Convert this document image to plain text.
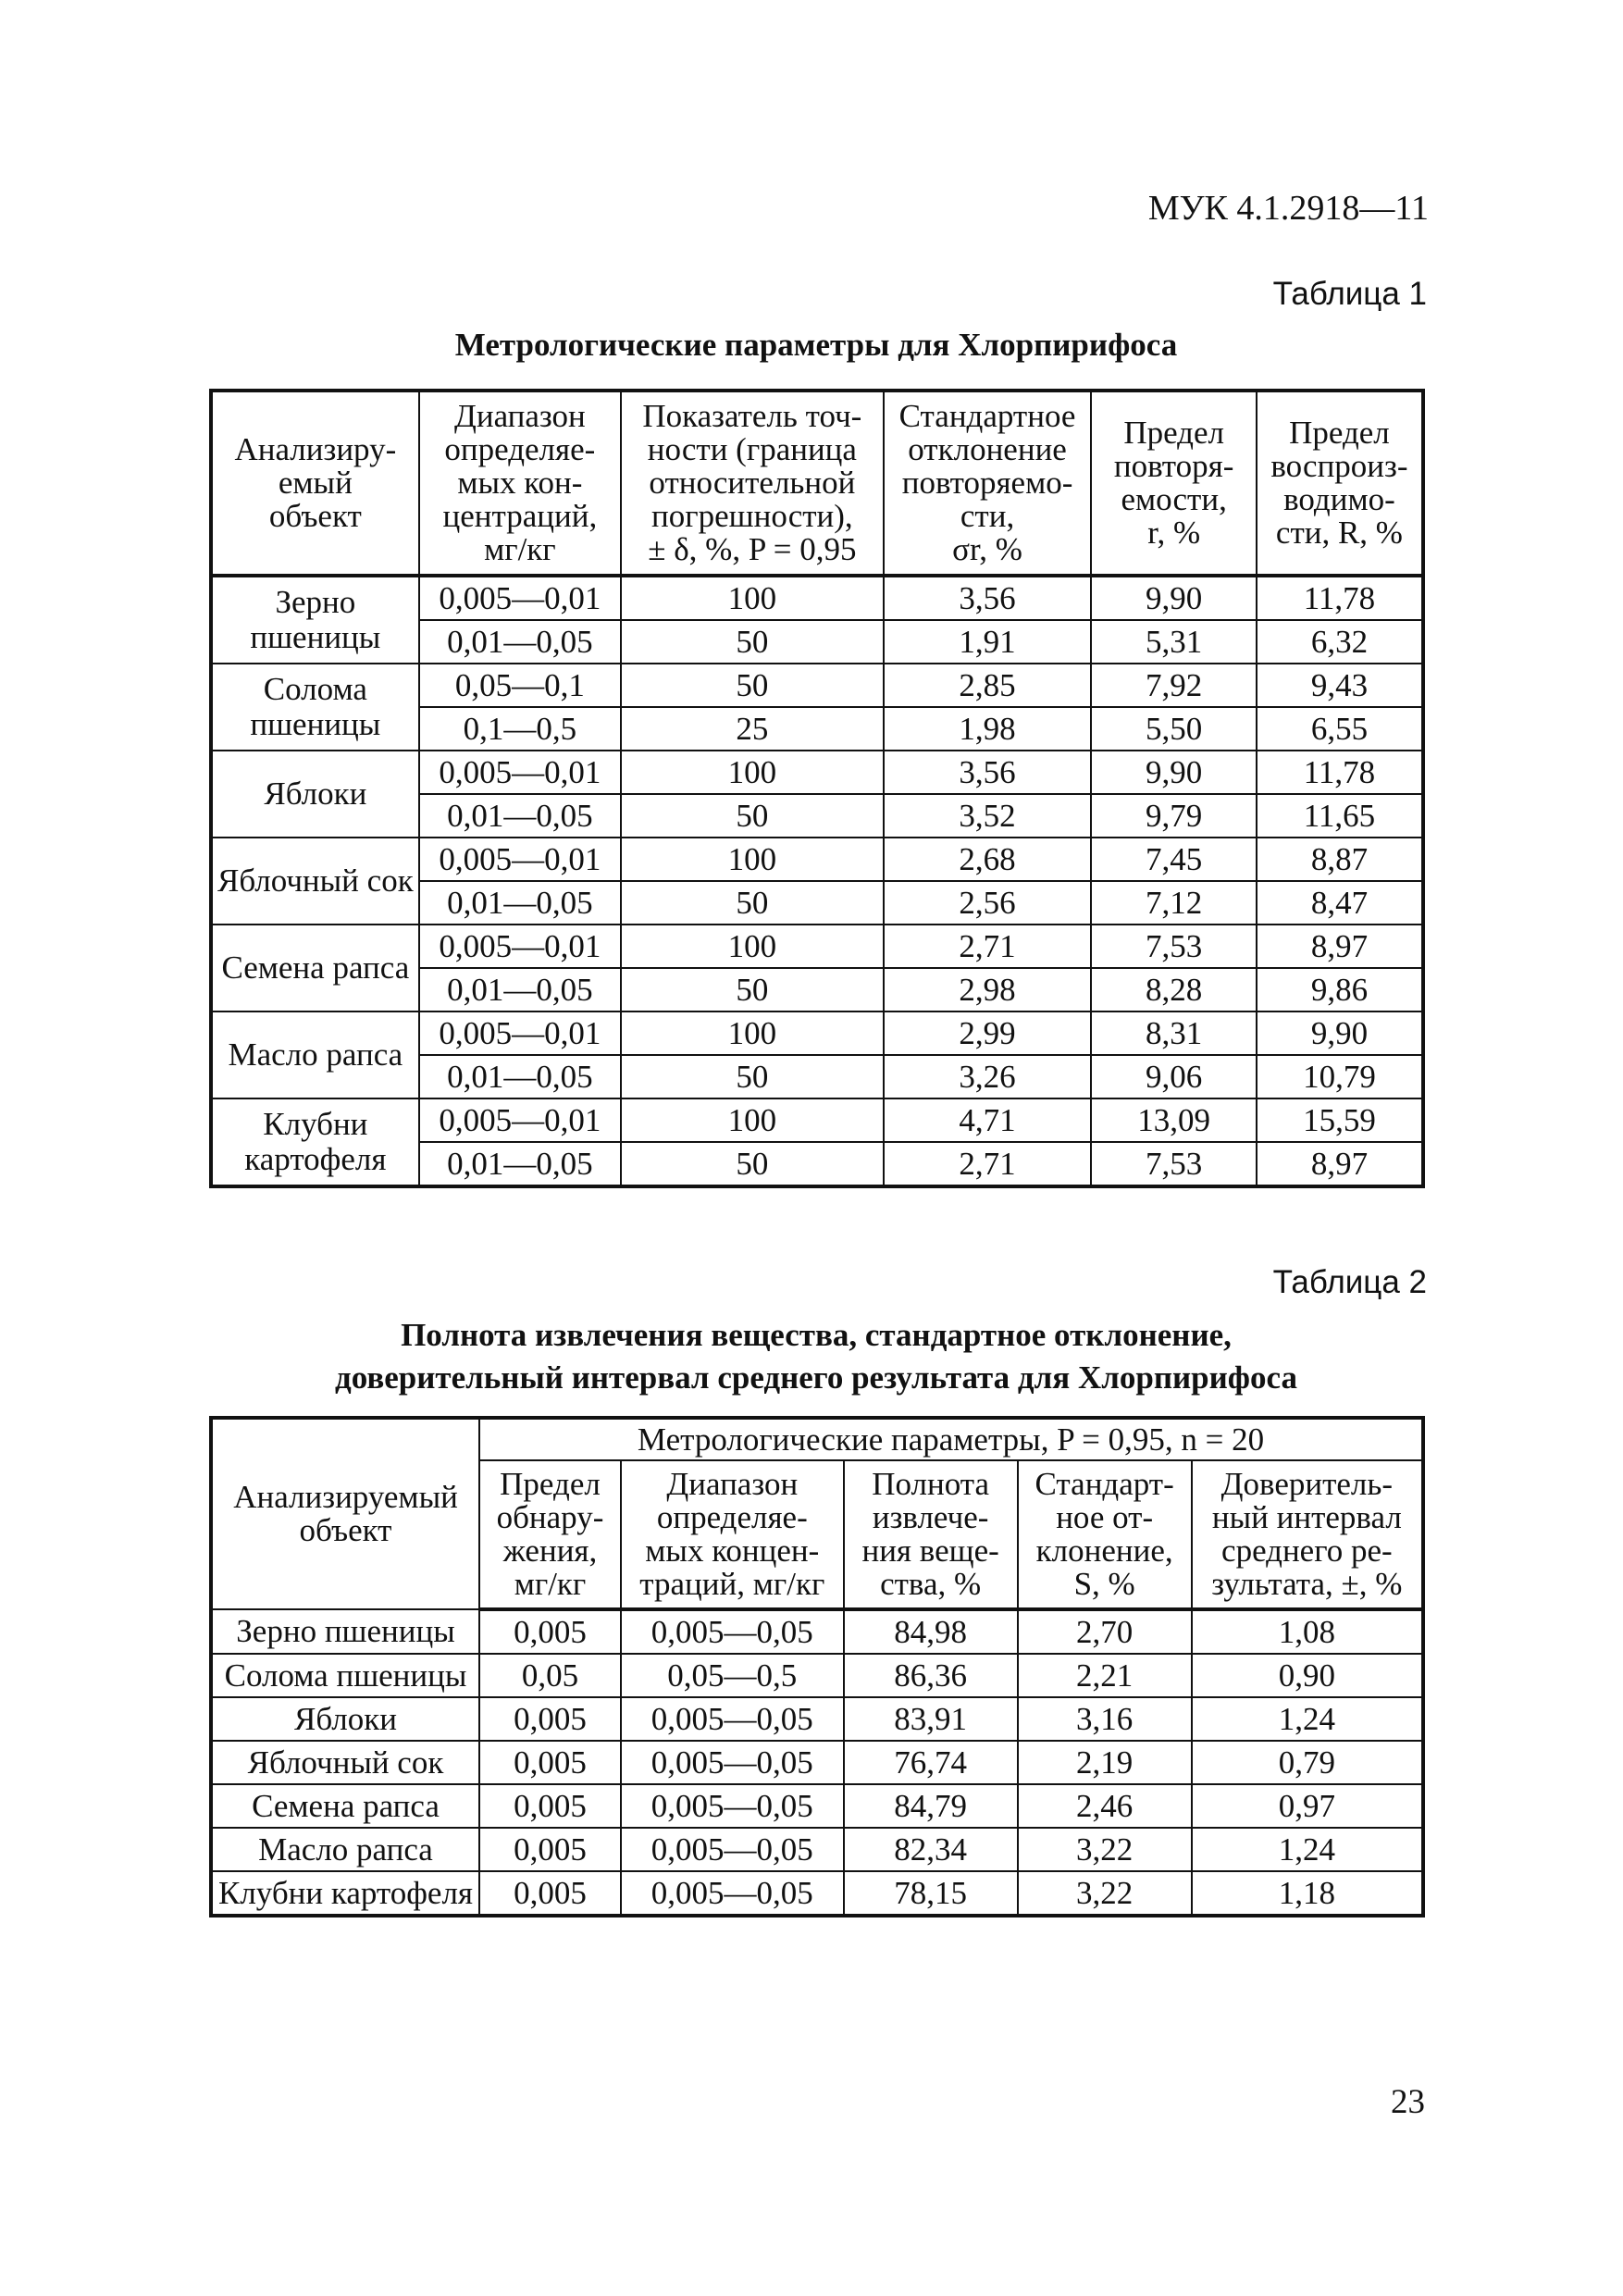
МУК 4.1.2918—11

Таблица 1

Метрологические параметры для Хлорпирифоса

Анализиру-
емый
объект	Диапазон
определяе-
мых кон-
центраций,
мг/кг	Показатель точ-
ности (граница
относительной
погрешности),
± δ, %, P = 0,95	Стандартное
отклонение
повторяемо-
сти,
σr, %	Предел
повторя-
емости,
r, %	Предел
воспроиз-
водимо-
сти, R, %

Зерно пшеницы	0,005—0,01	100	3,56	9,90	11,78
	0,01—0,05	50	1,91	5,31	6,32
Солома пшеницы	0,05—0,1	50	2,85	7,92	9,43
	0,1—0,5	25	1,98	5,50	6,55
Яблоки	0,005—0,01	100	3,56	9,90	11,78
	0,01—0,05	50	3,52	9,79	11,65
Яблочный сок	0,005—0,01	100	2,68	7,45	8,87
	0,01—0,05	50	2,56	7,12	8,47
Семена рапса	0,005—0,01	100	2,71	7,53	8,97
	0,01—0,05	50	2,98	8,28	9,86
Масло рапса	0,005—0,01	100	2,99	8,31	9,90
	0,01—0,05	50	3,26	9,06	10,79
Клубни картофеля	0,005—0,01	100	4,71	13,09	15,59
	0,01—0,05	50	2,71	7,53	8,97

Таблица 2

Полнота извлечения вещества, стандартное отклонение,
доверительный интервал среднего результата для Хлорпирифоса

Анализируемый
объект	Метрологические параметры, P = 0,95, n = 20				

	Предел
обнару-
жения,
мг/кг	Диапазон
определяе-
мых концен-
траций, мг/кг	Полнота
извлече-
ния веще-
ства, %	Стандарт-
ное от-
клонение,
S, %	Доверитель-
ный интервал
среднего ре-
зультата, ±, %

Зерно пшеницы	0,005	0,005—0,05	84,98	2,70	1,08
Солома пшеницы	0,05	0,05—0,5	86,36	2,21	0,90
Яблоки	0,005	0,005—0,05	83,91	3,16	1,24
Яблочный сок	0,005	0,005—0,05	76,74	2,19	0,79
Семена рапса	0,005	0,005—0,05	84,79	2,46	0,97
Масло рапса	0,005	0,005—0,05	82,34	3,22	1,24
Клубни картофеля	0,005	0,005—0,05	78,15	3,22	1,18

23
